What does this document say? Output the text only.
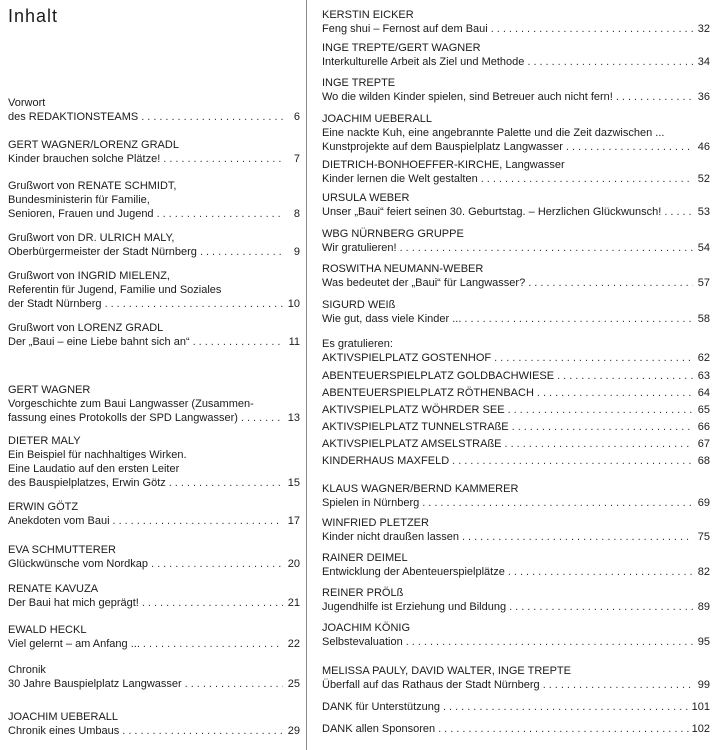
Inhalt
Vorwort
des REDAKTIONSTEAMS .....	6
GERT WAGNER/LORENZ GRADL
Kinder brauchen solche Plätze! .....	7
Grußwort von RENATE SCHMIDT,
Bundesministerin für Familie,
Senioren, Frauen und Jugend .....	8
Grußwort von DR. ULRICH MALY,
Oberbürgermeister der Stadt Nürnberg .....	9
Grußwort von INGRID MIELENZ,
Referentin für Jugend, Familie und Soziales
der Stadt Nürnberg .....	10
Grußwort von LORENZ GRADL
Der „Baui – eine Liebe bahnt sich an“ .....	11
GERT WAGNER
Vorgeschichte zum Baui Langwasser (Zusammen-
fassung eines Protokolls der SPD Langwasser) .....	13
DIETER MALY
Ein Beispiel für nachhaltiges Wirken.
Eine Laudatio auf den ersten Leiter
des Bauspielplatzes, Erwin Götz .....	15
ERWIN GÖTZ
Anekdoten vom Baui .....	17
EVA SCHMUTTERER
Glückwünsche vom Nordkap .....	20
RENATE KAVUZA
Der Baui hat mich geprägt! .....	21
EWALD HECKL
Viel gelernt – am Anfang ... .....	22
Chronik
30 Jahre Bauspielplatz Langwasser .....	25
JOACHIM UEBERALL
Chronik eines Umbaus .....	29
KERSTIN EICKER
Feng shui – Fernost auf dem Baui .....	32
INGE TREPTE/GERT WAGNER
Interkulturelle Arbeit als Ziel und Methode .....	34
INGE TREPTE
Wo die wilden Kinder spielen, sind Betreuer auch nicht fern! .....	36
JOACHIM UEBERALL
Eine nackte Kuh, eine angebrannte Palette und die Zeit dazwischen ...
Kunstprojekte auf dem Bauspielplatz Langwasser .....	46
DIETRICH-BONHOEFFER-KIRCHE, Langwasser
Kinder lernen die Welt gestalten .....	52
URSULA WEBER
Unser „Baui“ feiert seinen 30. Geburtstag. – Herzlichen Glückwunsch! .....	53
WBG NÜRNBERG GRUPPE
Wir gratulieren! .....	54
ROSWITHA NEUMANN-WEBER
Was bedeutet der „Baui“ für Langwasser? .....	57
SIGURD WEIß
Wie gut, dass viele Kinder ... .....	58
Es gratulieren:
AKTIVSPIELPLATZ GOSTENHOF .....	62
ABENTEUERSPIELPLATZ GOLDBACHWIESE .....	63
ABENTEUERSPIELPLATZ RÖTHENBACH .....	64
AKTIVSPIELPLATZ WÖHRDER SEE .....	65
AKTIVSPIELPLATZ TUNNELSTRAßE .....	66
AKTIVSPIELPLATZ AMSELSTRAßE .....	67
KINDERHAUS MAXFELD .....	68
KLAUS WAGNER/BERND KAMMERER
Spielen in Nürnberg .....	69
WINFRIED PLETZER
Kinder nicht draußen lassen .....	75
RAINER DEIMEL
Entwicklung der Abenteuerspielplätze .....	82
REINER PRÖLß
Jugendhilfe ist Erziehung und Bildung .....	89
JOACHIM KÖNIG
Selbstevaluation .....	95
MELISSA PAULY, DAVID WALTER, INGE TREPTE
Überfall auf das Rathaus der Stadt Nürnberg .....	99
DANK für Unterstützung .....	101
DANK allen Sponsoren .....	102
